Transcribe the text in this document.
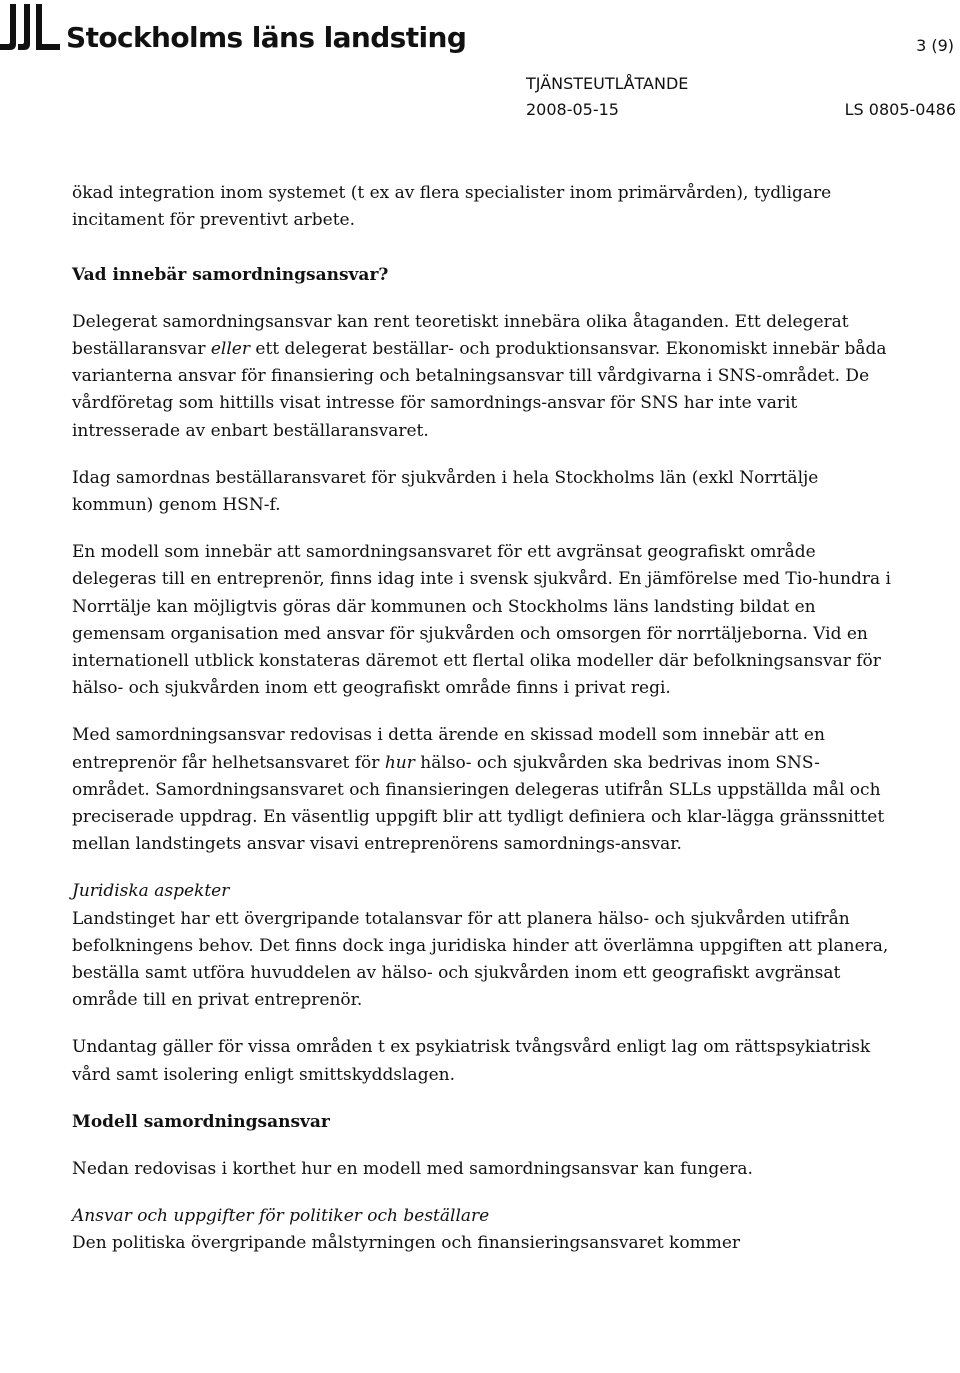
Stockholms läns landsting	3 (9)
TJÄNSTEUTLÅTANDE
2008-05-15	LS 0805-0486

ökad integration inom systemet (t ex av flera specialister inom primärvården), tydligare incitament för preventivt arbete.

Vad innebär samordningsansvar?

Delegerat samordningsansvar kan rent teoretiskt innebära olika åtaganden. Ett delegerat beställaransvar eller ett delegerat beställar- och produktionsansvar. Ekonomiskt innebär båda varianterna ansvar för finansiering och betalningsansvar till vårdgivarna i SNS-området. De vårdföretag som hittills visat intresse för samordnings-ansvar för SNS har inte varit intresserade av enbart beställaransvaret.

Idag samordnas beställaransvaret för sjukvården i hela Stockholms län (exkl Norrtälje kommun) genom HSN-f.

En modell som innebär att samordningsansvaret för ett avgränsat geografiskt område delegeras till en entreprenör, finns idag inte i svensk sjukvård. En jämförelse med Tio-hundra i Norrtälje kan möjligtvis göras där kommunen och Stockholms läns landsting bildat en gemensam organisation med ansvar för sjukvården och omsorgen för norrtäljeborna. Vid en internationell utblick konstateras däremot ett flertal olika modeller där befolkningsansvar för hälso- och sjukvården inom ett geografiskt område finns i privat regi.

Med samordningsansvar redovisas i detta ärende en skissad modell som innebär att en entreprenör får helhetsansvaret för hur hälso- och sjukvården ska bedrivas inom SNS-området. Samordningsansvaret och finansieringen delegeras utifrån SLLs uppställda mål och preciserade uppdrag. En väsentlig uppgift blir att tydligt definiera och klar-lägga gränssnittet mellan landstingets ansvar visavi entreprenörens samordnings-ansvar.

Juridiska aspekter

Landstinget har ett övergripande totalansvar för att planera hälso- och sjukvården utifrån befolkningens behov. Det finns dock inga juridiska hinder att överlämna uppgiften att planera, beställa samt utföra huvuddelen av hälso- och sjukvården inom ett geografiskt avgränsat område till en privat entreprenör.

Undantag gäller för vissa områden t ex psykiatrisk tvångsvård enligt lag om rättspsykiatrisk vård samt isolering enligt smittskyddslagen.

Modell samordningsansvar

Nedan redovisas i korthet hur en modell med samordningsansvar kan fungera.

Ansvar och uppgifter för politiker och beställare

Den politiska övergripande målstyrningen och finansieringsansvaret kommer
